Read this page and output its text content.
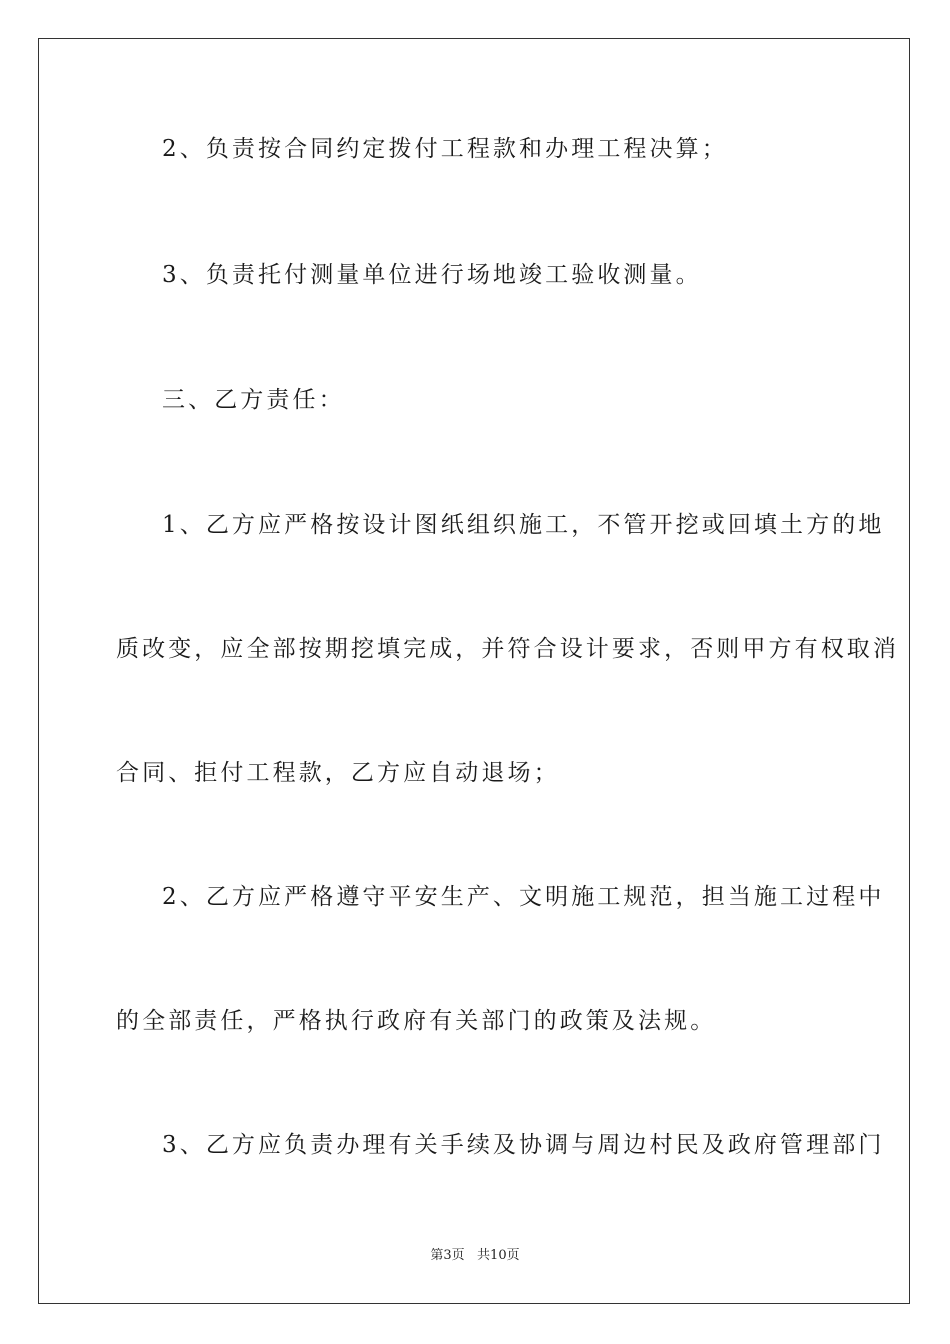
2、负责按合同约定拨付工程款和办理工程决算；
3、负责托付测量单位进行场地竣工验收测量。
三、乙方责任：
1、乙方应严格按设计图纸组织施工，不管开挖或回填土方的地
质改变，应全部按期挖填完成，并符合设计要求，否则甲方有权取消
合同、拒付工程款，乙方应自动退场；
2、乙方应严格遵守平安生产、文明施工规范，担当施工过程中
的全部责任，严格执行政府有关部门的政策及法规。
3、乙方应负责办理有关手续及协调与周边村民及政府管理部门
第3页   共10页
